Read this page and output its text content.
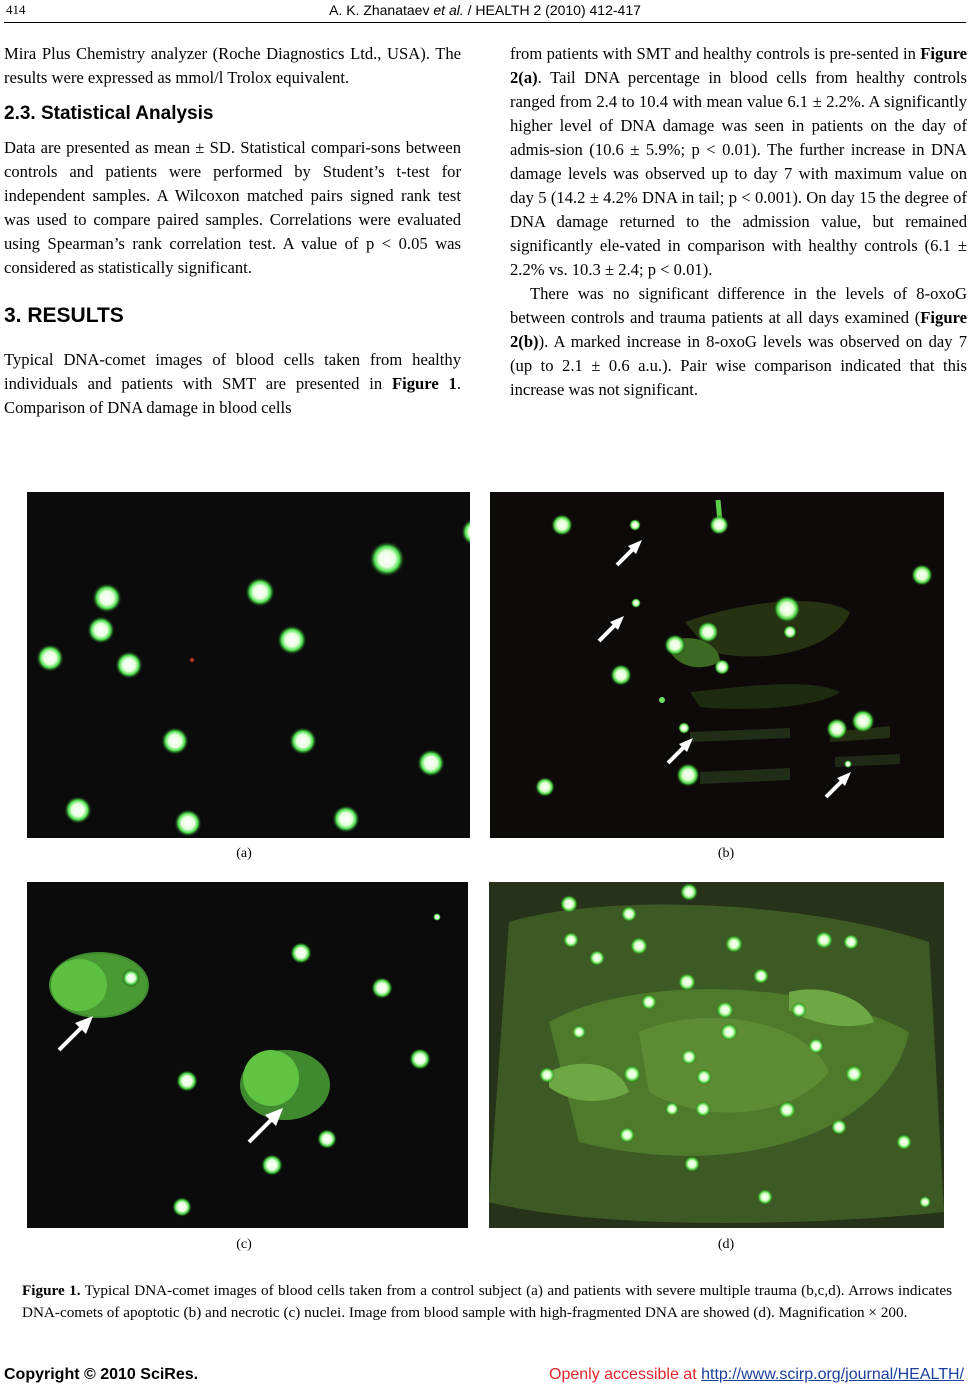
414	A. K. Zhanataev et al. / HEALTH 2 (2010) 412-417

Mira Plus Chemistry analyzer (Roche Diagnostics Ltd., USA). The results were expressed as mmol/l Trolox equivalent.

2.3. Statistical Analysis

Data are presented as mean ± SD. Statistical compari-sons between controls and patients were performed by Student’s t-test for independent samples. A Wilcoxon matched pairs signed rank test was used to compare paired samples. Correlations were evaluated using Spearman’s rank correlation test. A value of p < 0.05 was considered as statistically significant.

3. RESULTS

Typical DNA-comet images of blood cells taken from healthy individuals and patients with SMT are presented in Figure 1. Comparison of DNA damage in blood cells

from patients with SMT and healthy controls is pre-sented in Figure 2(a). Tail DNA percentage in blood cells from healthy controls ranged from 2.4 to 10.4 with mean value 6.1 ± 2.2%. A significantly higher level of DNA damage was seen in patients on the day of admis-sion (10.6 ± 5.9%; p < 0.01). The further increase in DNA damage levels was observed up to day 7 with maximum value on day 5 (14.2 ± 4.2% DNA in tail; p < 0.001). On day 15 the degree of DNA damage returned to the admission value, but remained significantly ele-vated in comparison with healthy controls (6.1 ± 2.2% vs. 10.3 ± 2.4; p < 0.01).

There was no significant difference in the levels of 8-oxoG between controls and trauma patients at all days examined (Figure 2(b)). A marked increase in 8-oxoG levels was observed on day 7 (up to 2.1 ± 0.6 a.u.). Pair wise comparison indicated that this increase was not significant.

(a)	(b)
(c)	(d)

Figure 1. Typical DNA-comet images of blood cells taken from a control subject (a) and patients with severe multiple trauma (b,c,d). Arrows indicates DNA-comets of apoptotic (b) and necrotic (c) nuclei. Image from blood sample with high-fragmented DNA are showed (d). Magnification × 200.

Copyright © 2010 SciRes.	Openly accessible at http://www.scirp.org/journal/HEALTH/
